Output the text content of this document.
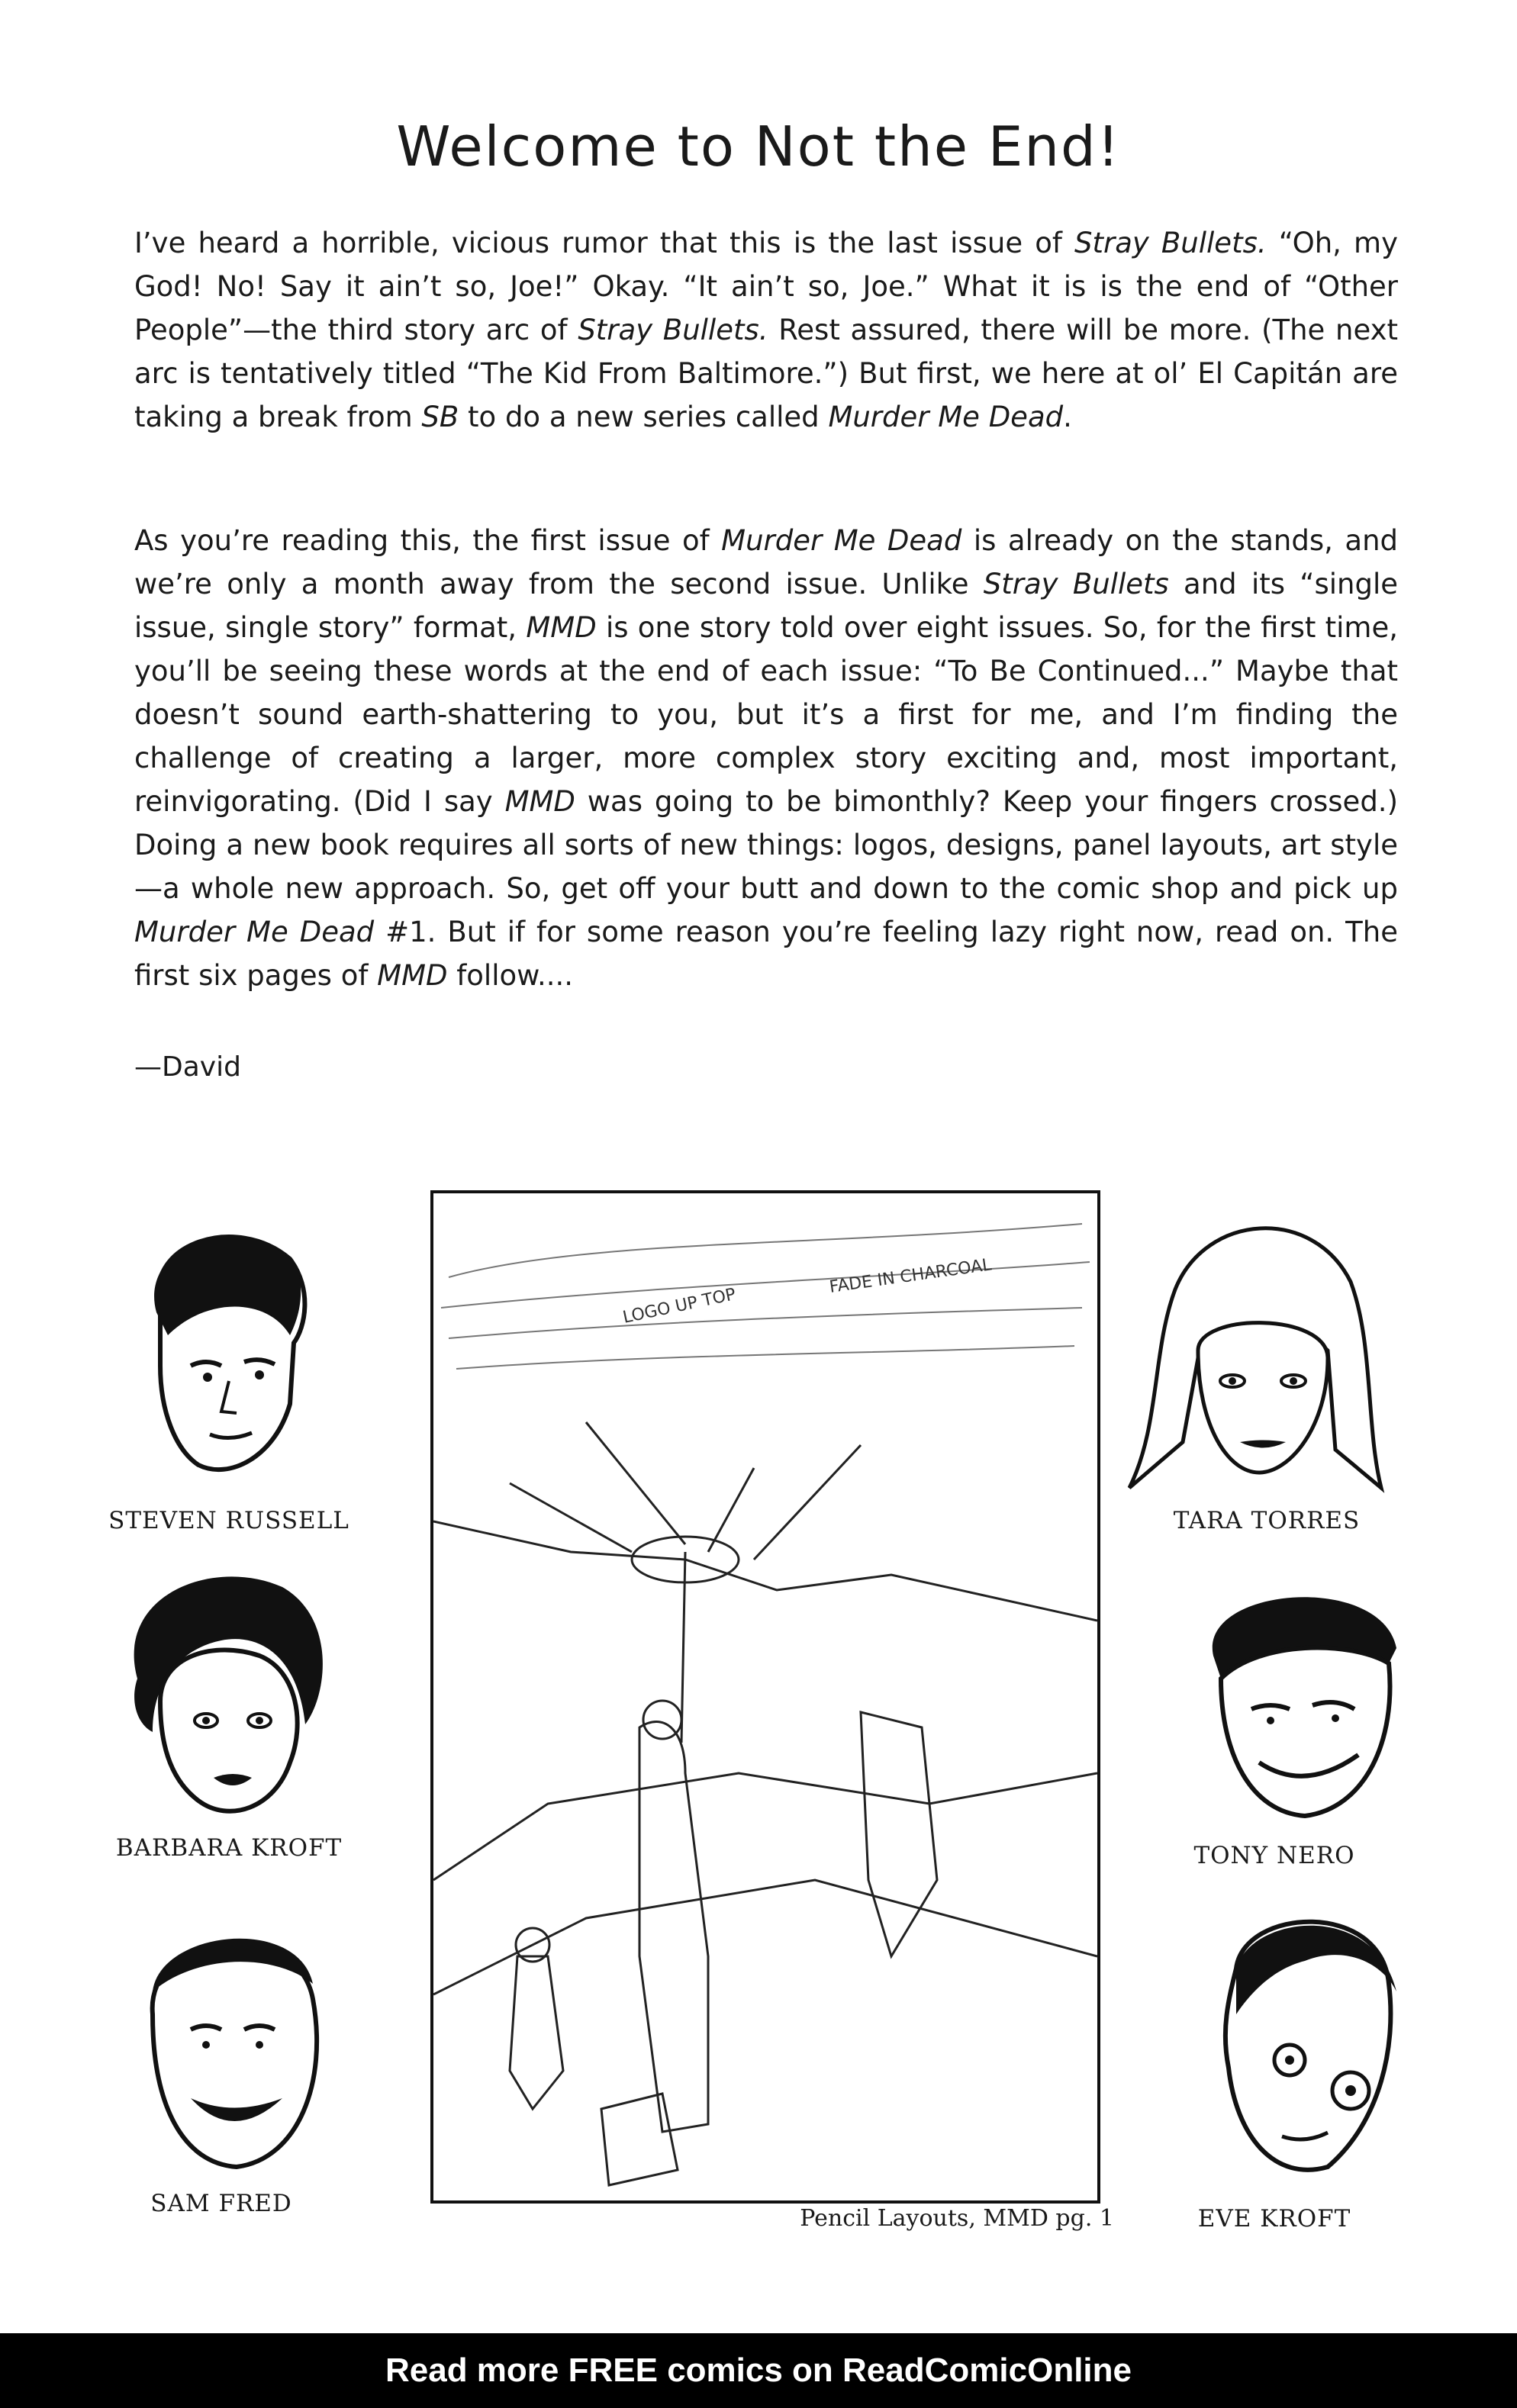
Welcome to Not the End!
I’ve heard a horrible, vicious rumor that this is the last issue of Stray Bullets. “Oh, my God! No! Say it ain’t so, Joe!” Okay. “It ain’t so, Joe.” What it is is the end of “Other People”—the third story arc of Stray Bullets. Rest assured, there will be more. (The next arc is tentatively titled “The Kid From Baltimore.”) But first, we here at ol’ El Capitán are taking a break from SB to do a new series called Murder Me Dead.
As you’re reading this, the first issue of Murder Me Dead is already on the stands, and we’re only a month away from the second issue. Unlike Stray Bullets and its “single issue, single story” format, MMD is one story told over eight issues. So, for the first time, you’ll be seeing these words at the end of each issue: “To Be Continued...” Maybe that doesn’t sound earth-shattering to you, but it’s a first for me, and I’m finding the challenge of creating a larger, more complex story exciting and, most important, reinvigorating. (Did I say MMD was going to be bimonthly? Keep your fingers crossed.) Doing a new book requires all sorts of new things: logos, designs, panel layouts, art style—a whole new approach. So, get off your butt and down to the comic shop and pick up Murder Me Dead #1. But if for some reason you’re feeling lazy right now, read on. The first six pages of MMD follow....
—David
STEVEN RUSSELL
BARBARA KROFT
SAM FRED
LOGO UP TOP
FADE IN CHARCOAL
Pencil Layouts, MMD pg. 1
TARA TORRES
TONY NERO
EVE KROFT
Read more FREE comics on ReadComicOnline
